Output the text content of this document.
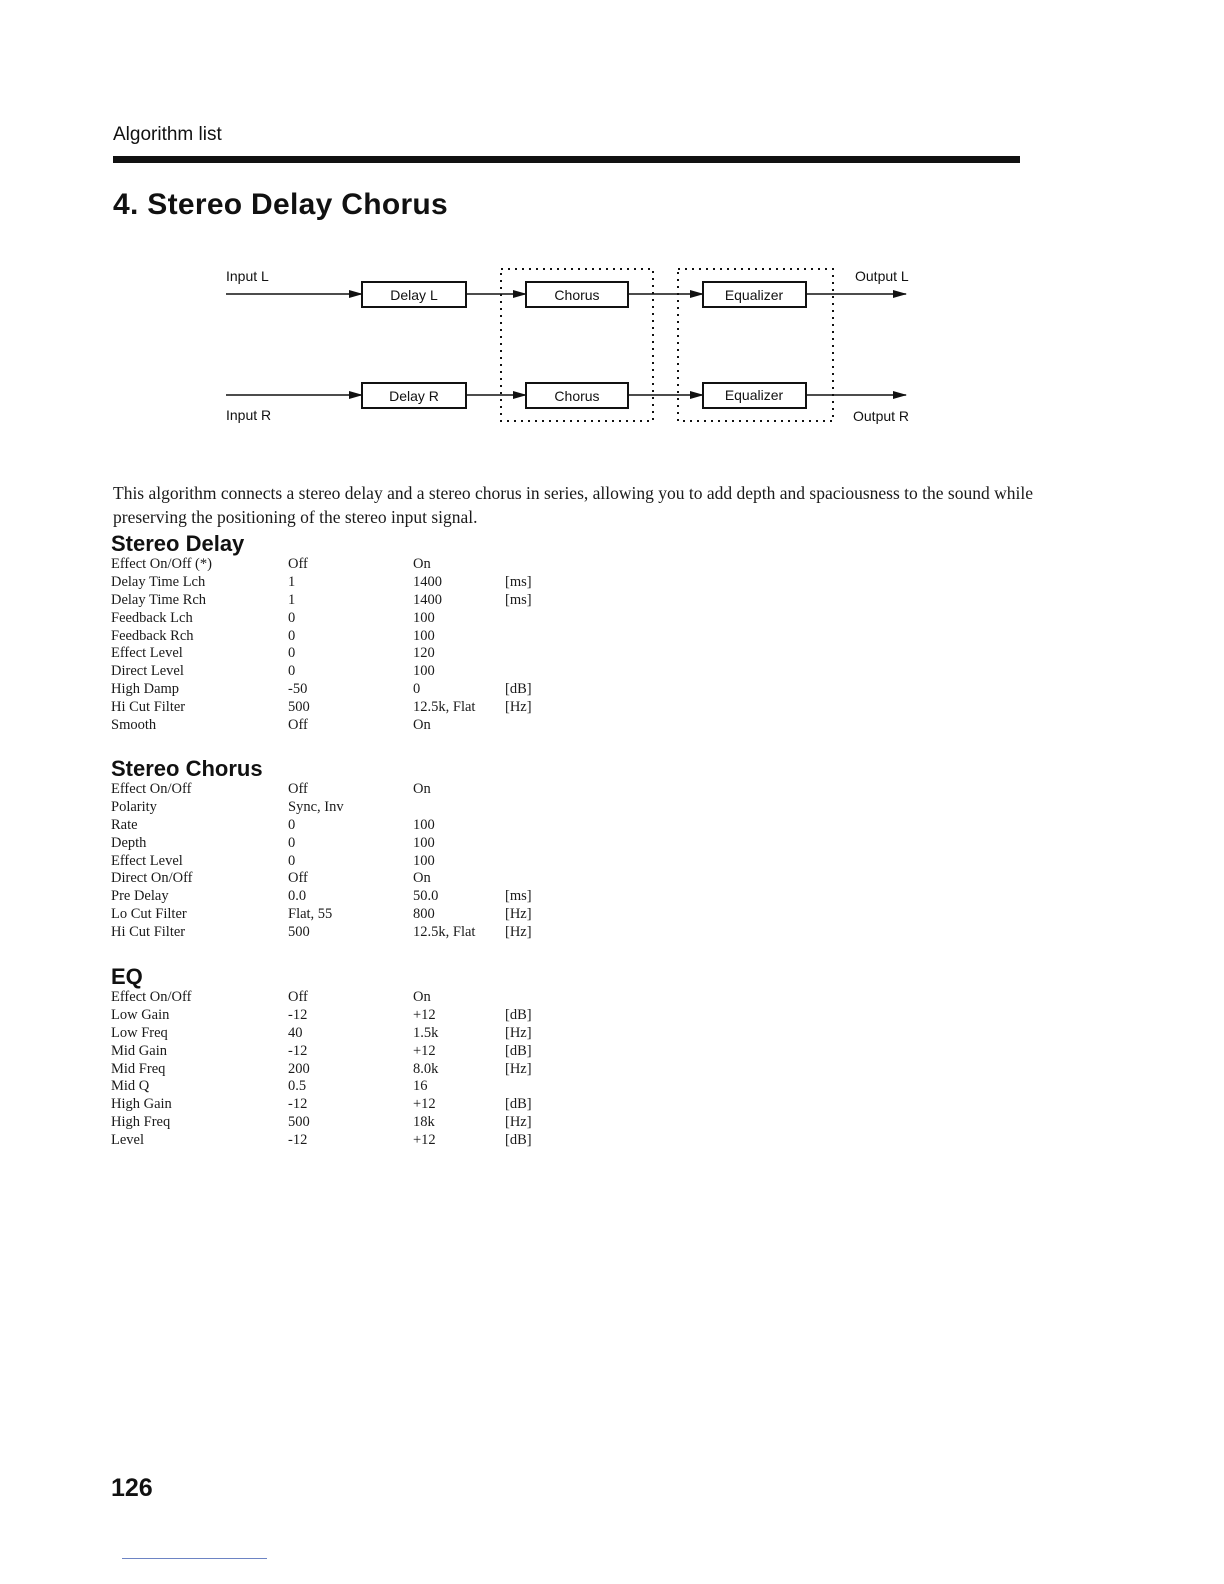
Algorithm list
4. Stereo Delay Chorus
Delay L	Chorus	Equalizer
Delay R	Chorus	Equalizer
Input L
Input R
Output L
Output R

This algorithm connects a stereo delay and a stereo chorus in series, allowing you to add depth and spaciousness to the sound while preserving the positioning of the stereo input signal.

Stereo Delay
Effect On/Off (*)	Off	On
Delay Time Lch	1	1400	[ms]
Delay Time Rch	1	1400	[ms]
Feedback Lch	0	100
Feedback Rch	0	100
Effect Level	0	120
Direct Level	0	100
High Damp	-50	0	[dB]
Hi Cut Filter	500	12.5k, Flat [Hz]
Smooth	Off	On
Stereo Chorus
Effect On/Off	Off	On
Polarity	Sync, Inv
Rate	0	100
Depth	0	100
Effect Level	0	100
Direct On/Off	Off	On
Pre Delay	0.0	50.0	[ms]
Lo Cut Filter	Flat, 55	800	[Hz]
Hi Cut Filter	500	12.5k, Flat [Hz]
EQ
Effect On/Off	Off	On
Low Gain	-12	+12	[dB]
Low Freq	40	1.5k	[Hz]
Mid Gain	-12	+12	[dB]
Mid Freq	200	8.0k	[Hz]
Mid Q	0.5	16
High Gain	-12	+12	[dB]
High Freq	500	18k	[Hz]
Level	-12	+12	[dB]
126
